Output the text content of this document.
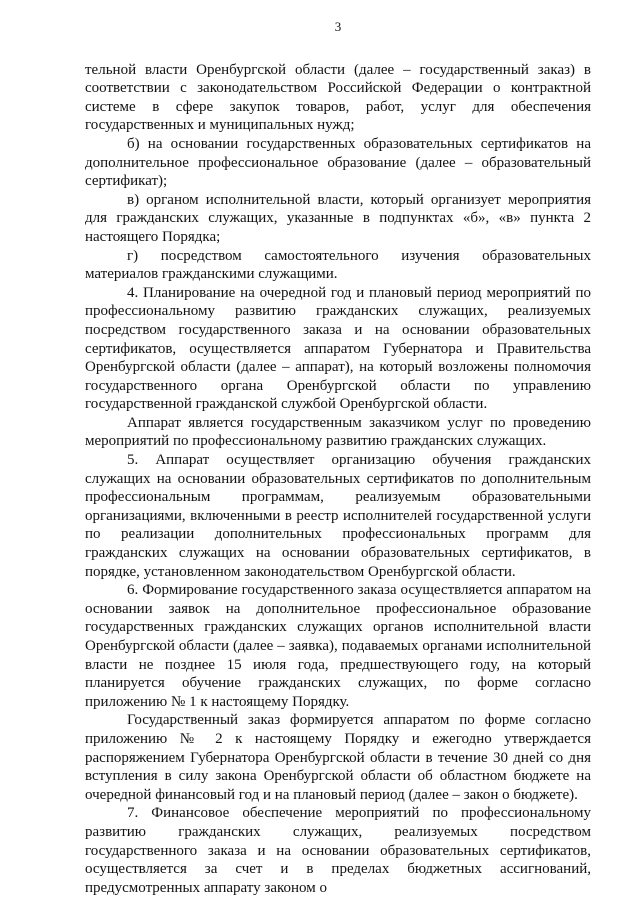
3

тельной власти Оренбургской области (далее – государственный заказ) в соответствии с законодательством Российской Федерации о контрактной системе в сфере закупок товаров, работ, услуг для обеспечения государственных и муниципальных нужд;

б) на основании государственных образовательных сертификатов на дополнительное профессиональное образование (далее – образовательный сертификат);

в) органом исполнительной власти, который организует мероприятия для гражданских служащих, указанные в подпунктах «б», «в» пункта 2 настоящего Порядка;

г) посредством самостоятельного изучения образовательных материалов гражданскими служащими.

4. Планирование на очередной год и плановый период мероприятий по профессиональному развитию гражданских служащих, реализуемых посредством государственного заказа и на основании образовательных сертификатов, осуществляется аппаратом Губернатора и Правительства Оренбургской области (далее – аппарат), на который возложены полномочия государственного органа Оренбургской области по управлению государственной гражданской службой Оренбургской области.

Аппарат является государственным заказчиком услуг по проведению мероприятий по профессиональному развитию гражданских служащих.

5. Аппарат осуществляет организацию обучения гражданских служащих на основании образовательных сертификатов по дополнительным профессиональным программам, реализуемым образовательными организациями, включенными в реестр исполнителей государственной услуги по реализации дополнительных профессиональных программ для гражданских служащих на основании образовательных сертификатов, в порядке, установленном законодательством Оренбургской области.

6. Формирование государственного заказа осуществляется аппаратом на основании заявок на дополнительное профессиональное образование государственных гражданских служащих органов исполнительной власти Оренбургской области (далее – заявка), подаваемых органами исполнительной власти не позднее 15 июля года, предшествующего году, на который планируется обучение гражданских служащих, по форме согласно приложению № 1 к настоящему Порядку.

Государственный заказ формируется аппаратом по форме согласно приложению № 2 к настоящему Порядку и ежегодно утверждается распоряжением Губернатора Оренбургской области в течение 30 дней со дня вступления в силу закона Оренбургской области об областном бюджете на очередной финансовый год и на плановый период (далее – закон о бюджете).

7. Финансовое обеспечение мероприятий по профессиональному развитию гражданских служащих, реализуемых посредством государственного заказа и на основании образовательных сертификатов, осуществляется за счет и в пределах бюджетных ассигнований, предусмотренных аппарату законом о
